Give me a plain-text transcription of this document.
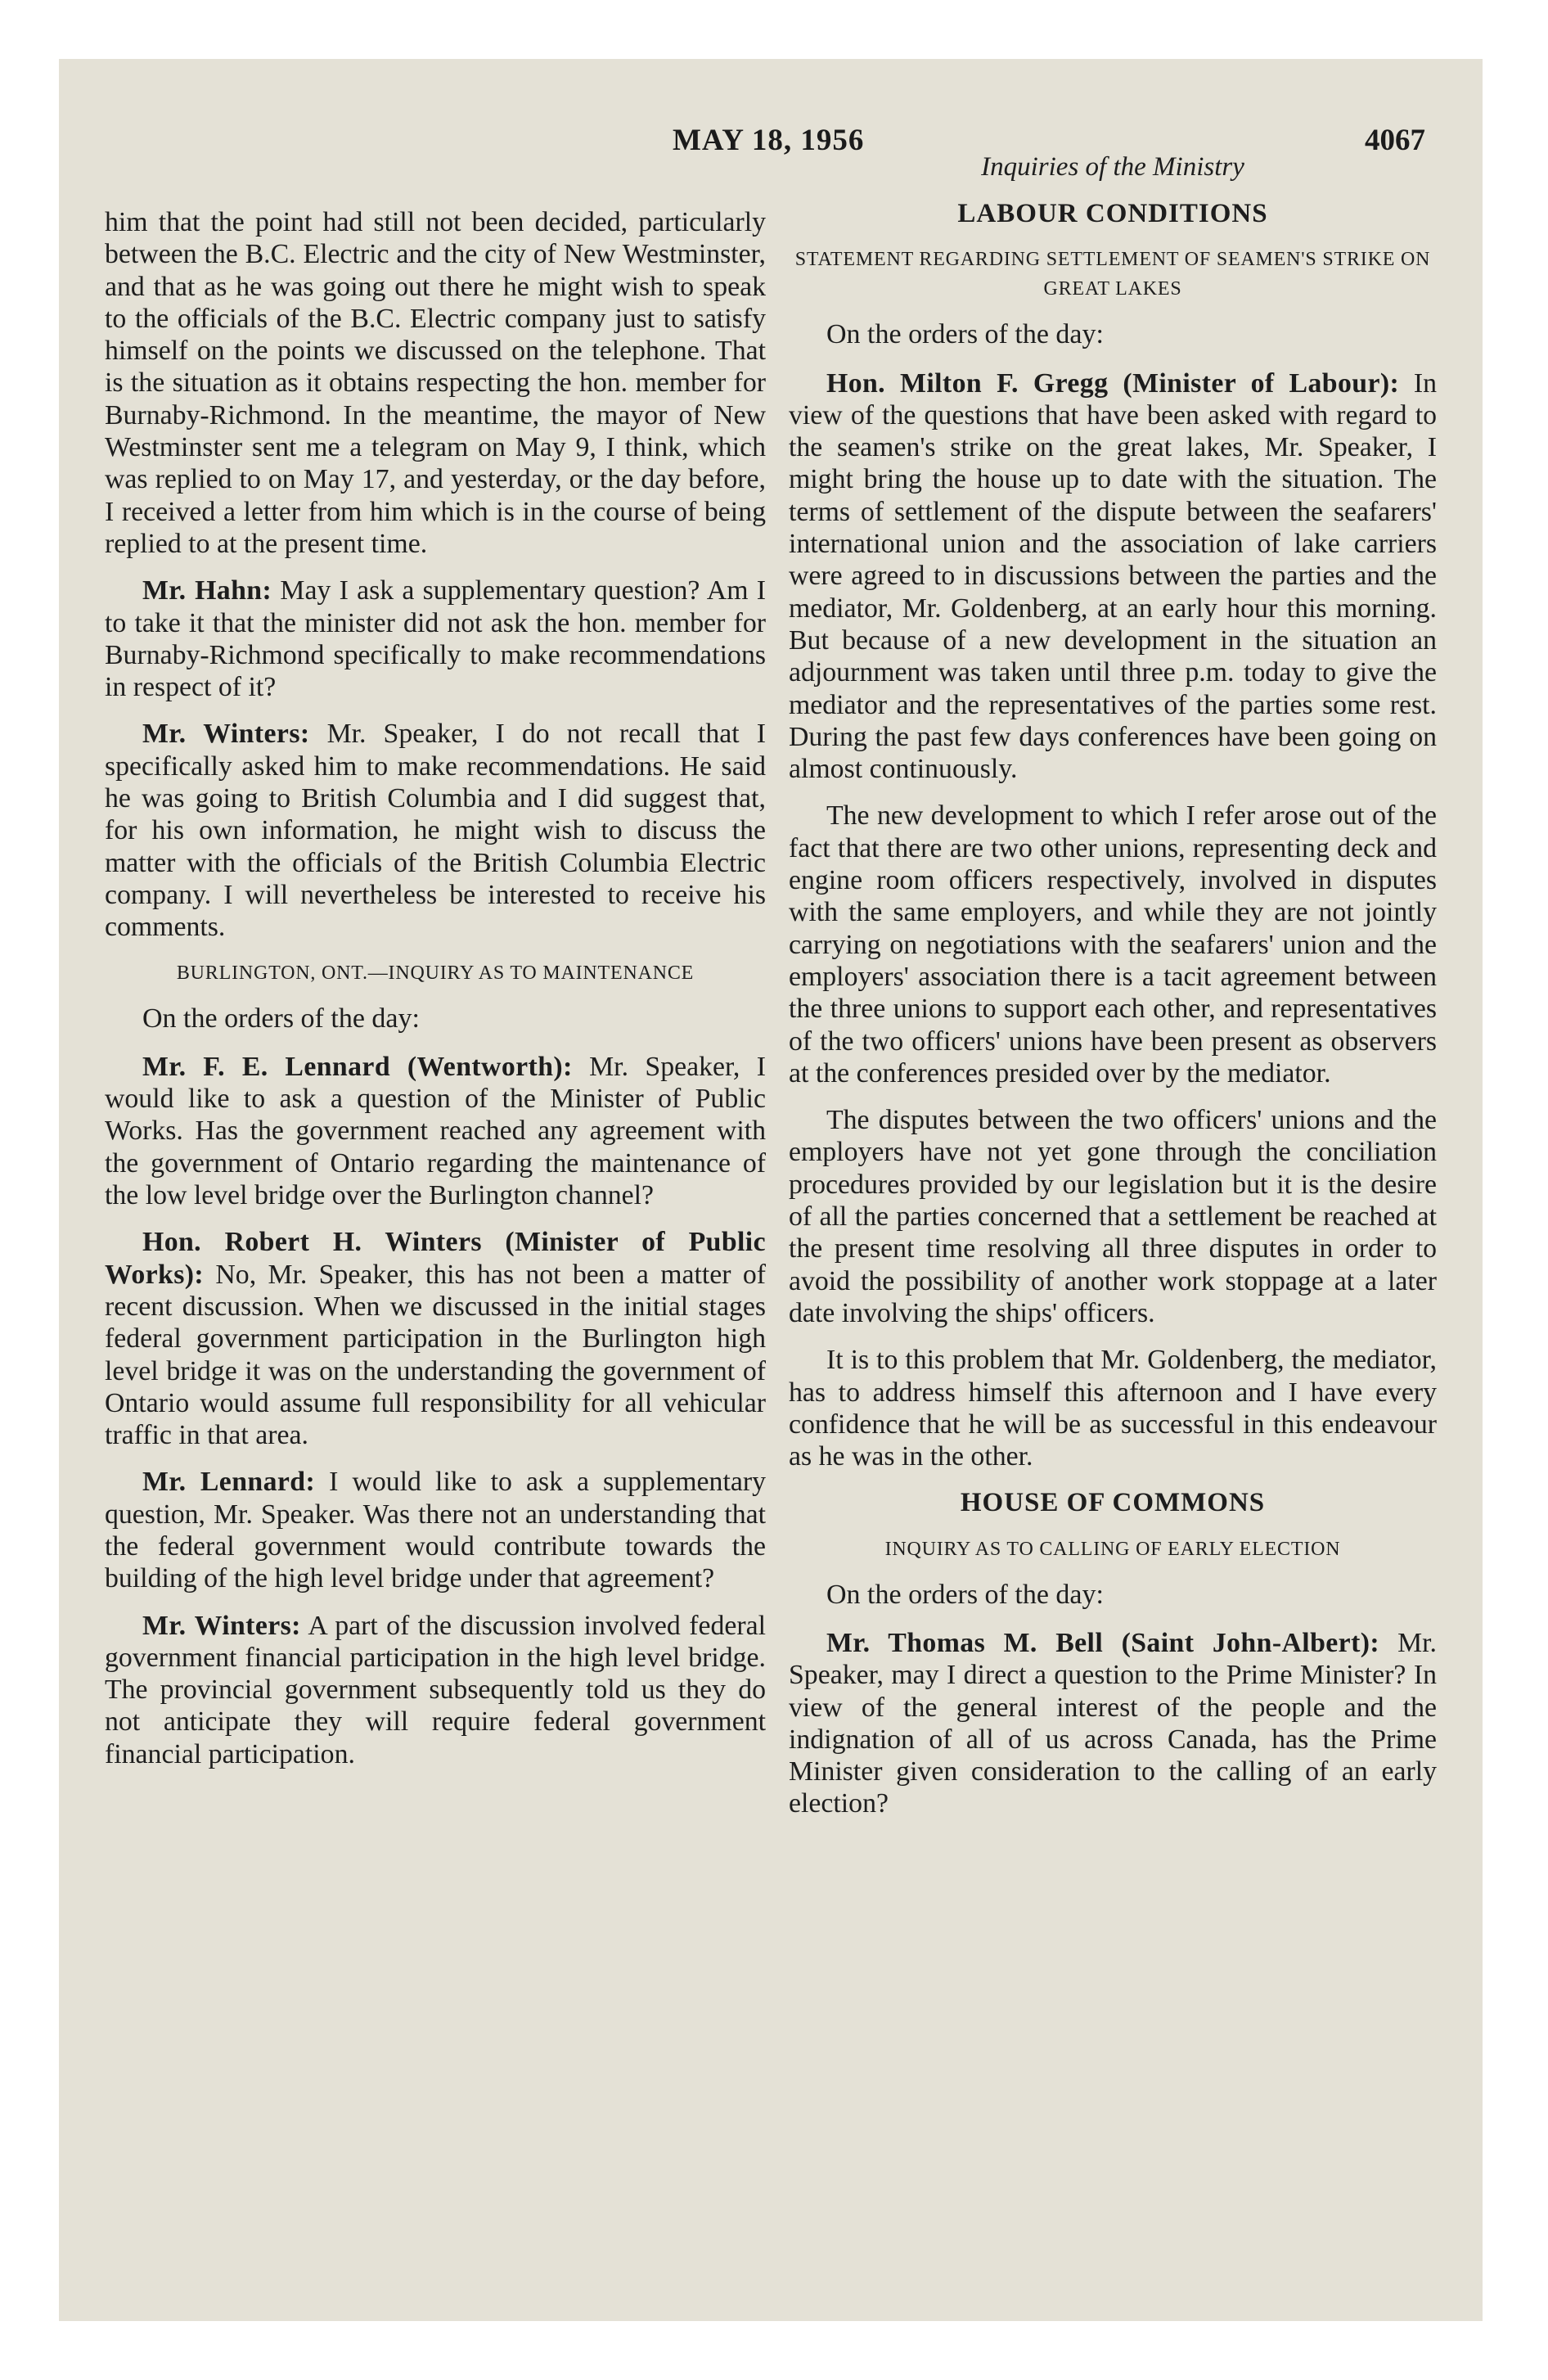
MAY 18, 1956	4067

him that the point had still not been decided, particularly between the B.C. Electric and the city of New Westminster, and that as he was going out there he might wish to speak to the officials of the B.C. Electric company just to satisfy himself on the points we discussed on the telephone. That is the situation as it obtains respecting the hon. member for Burnaby-Richmond. In the meantime, the mayor of New Westminster sent me a telegram on May 9, I think, which was replied to on May 17, and yesterday, or the day before, I received a letter from him which is in the course of being replied to at the present time.

Mr. Hahn: May I ask a supplementary question? Am I to take it that the minister did not ask the hon. member for Burnaby-Richmond specifically to make recommendations in respect of it?

Mr. Winters: Mr. Speaker, I do not recall that I specifically asked him to make recommendations. He said he was going to British Columbia and I did suggest that, for his own information, he might wish to discuss the matter with the officials of the British Columbia Electric company. I will nevertheless be interested to receive his comments.

BURLINGTON, ONT.—INQUIRY AS TO MAINTENANCE

On the orders of the day:

Mr. F. E. Lennard (Wentworth): Mr. Speaker, I would like to ask a question of the Minister of Public Works. Has the government reached any agreement with the government of Ontario regarding the maintenance of the low level bridge over the Burlington channel?

Hon. Robert H. Winters (Minister of Public Works): No, Mr. Speaker, this has not been a matter of recent discussion. When we discussed in the initial stages federal government participation in the Burlington high level bridge it was on the understanding the government of Ontario would assume full responsibility for all vehicular traffic in that area.

Mr. Lennard: I would like to ask a supplementary question, Mr. Speaker. Was there not an understanding that the federal government would contribute towards the building of the high level bridge under that agreement?

Mr. Winters: A part of the discussion involved federal government financial participation in the high level bridge. The provincial government subsequently told us they do not anticipate they will require federal government financial participation.

Inquiries of the Ministry

LABOUR CONDITIONS

STATEMENT REGARDING SETTLEMENT OF SEAMEN'S STRIKE ON GREAT LAKES

On the orders of the day:

Hon. Milton F. Gregg (Minister of Labour): In view of the questions that have been asked with regard to the seamen's strike on the great lakes, Mr. Speaker, I might bring the house up to date with the situation. The terms of settlement of the dispute between the seafarers' international union and the association of lake carriers were agreed to in discussions between the parties and the mediator, Mr. Goldenberg, at an early hour this morning. But because of a new development in the situation an adjournment was taken until three p.m. today to give the mediator and the representatives of the parties some rest. During the past few days conferences have been going on almost continuously.

The new development to which I refer arose out of the fact that there are two other unions, representing deck and engine room officers respectively, involved in disputes with the same employers, and while they are not jointly carrying on negotiations with the seafarers' union and the employers' association there is a tacit agreement between the three unions to support each other, and representatives of the two officers' unions have been present as observers at the conferences presided over by the mediator.

The disputes between the two officers' unions and the employers have not yet gone through the conciliation procedures provided by our legislation but it is the desire of all the parties concerned that a settlement be reached at the present time resolving all three disputes in order to avoid the possibility of another work stoppage at a later date involving the ships' officers.

It is to this problem that Mr. Goldenberg, the mediator, has to address himself this afternoon and I have every confidence that he will be as successful in this endeavour as he was in the other.

HOUSE OF COMMONS

INQUIRY AS TO CALLING OF EARLY ELECTION

On the orders of the day:

Mr. Thomas M. Bell (Saint John-Albert): Mr. Speaker, may I direct a question to the Prime Minister? In view of the general interest of the people and the indignation of all of us across Canada, has the Prime Minister given consideration to the calling of an early election?
